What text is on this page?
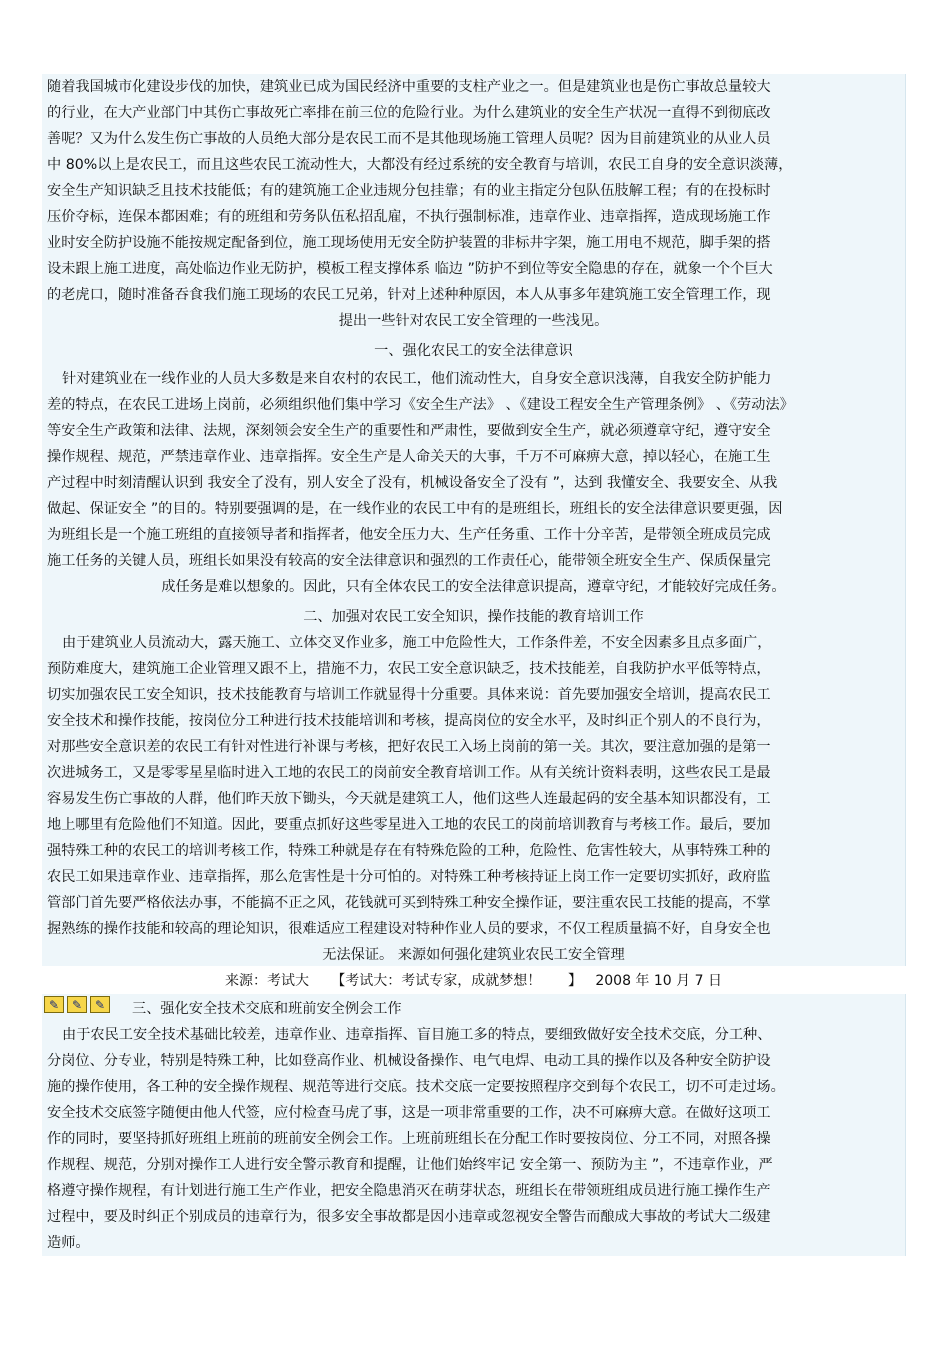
随着我国城市化建设步伐的加快，建筑业已成为国民经济中重要的支柱产业之一。但是建筑业也是伤亡事故总量较大
的行业，在大产业部门中其伤亡事故死亡率排在前三位的危险行业。为什么建筑业的安全生产状况一直得不到彻底改
善呢？又为什么发生伤亡事故的人员绝大部分是农民工而不是其他现场施工管理人员呢？因为目前建筑业的从业人员
中 80%以上是农民工，而且这些农民工流动性大，大都没有经过系统的安全教育与培训，农民工自身的安全意识淡薄，
安全生产知识缺乏且技术技能低；有的建筑施工企业违规分包挂靠；有的业主指定分包队伍肢解工程；有的在投标时
压价夺标，连保本都困难；有的班组和劳务队伍私招乱雇，不执行强制标准，违章作业、违章指挥，造成现场施工作
业时安全防护设施不能按规定配备到位，施工现场使用无安全防护装置的非标井字架，施工用电不规范，脚手架的搭
设未跟上施工进度，高处临边作业无防护，模板工程支撑体系 临边 ”防护不到位等安全隐患的存在，就象一个个巨大
的老虎口，随时准备吞食我们施工现场的农民工兄弟，针对上述种种原因，本人从事多年建筑施工安全管理工作，现
提出一些针对农民工安全管理的一些浅见。
一、强化农民工的安全法律意识
针对建筑业在一线作业的人员大多数是来自农村的农民工，他们流动性大，自身安全意识浅薄，自我安全防护能力
差的特点，在农民工进场上岗前，必须组织他们集中学习《安全生产法》 、《建设工程安全生产管理条例》 、《劳动法》
等安全生产政策和法律、法规，深刻领会安全生产的重要性和严肃性，要做到安全生产，就必须遵章守纪，遵守安全
操作规程、规范，严禁违章作业、违章指挥。安全生产是人命关天的大事，千万不可麻痹大意，掉以轻心，在施工生
产过程中时刻清醒认识到 我安全了没有，别人安全了没有，机械设备安全了没有 ”，达到 我懂安全、我要安全、从我
做起、保证安全 ”的目的。特别要强调的是，在一线作业的农民工中有的是班组长，班组长的安全法律意识要更强，因
为班组长是一个施工班组的直接领导者和指挥者，他安全压力大、生产任务重、工作十分辛苦，是带领全班成员完成
施工任务的关键人员，班组长如果没有较高的安全法律意识和强烈的工作责任心，能带领全班安全生产、保质保量完
成任务是难以想象的。因此，只有全体农民工的安全法律意识提高，遵章守纪，才能较好完成任务。
二、加强对农民工安全知识，操作技能的教育培训工作
由于建筑业人员流动大，露天施工、立体交叉作业多，施工中危险性大，工作条件差，不安全因素多且点多面广，
预防难度大，建筑施工企业管理又跟不上，措施不力，农民工安全意识缺乏，技术技能差，自我防护水平低等特点，
切实加强农民工安全知识，技术技能教育与培训工作就显得十分重要。具体来说：首先要加强安全培训，提高农民工
安全技术和操作技能，按岗位分工种进行技术技能培训和考核，提高岗位的安全水平，及时纠正个别人的不良行为，
对那些安全意识差的农民工有针对性进行补课与考核，把好农民工入场上岗前的第一关。其次，要注意加强的是第一
次进城务工，又是零零星星临时进入工地的农民工的岗前安全教育培训工作。从有关统计资料表明，这些农民工是最
容易发生伤亡事故的人群，他们昨天放下锄头，今天就是建筑工人，他们这些人连最起码的安全基本知识都没有，工
地上哪里有危险他们不知道。因此，要重点抓好这些零星进入工地的农民工的岗前培训教育与考核工作。最后，要加
强特殊工种的农民工的培训考核工作，特殊工种就是存在有特殊危险的工种，危险性、危害性较大，从事特殊工种的
农民工如果违章作业、违章指挥，那么危害性是十分可怕的。对特殊工种考核持证上岗工作一定要切实抓好，政府监
管部门首先要严格依法办事，不能搞不正之风，花钱就可买到特殊工种安全操作证，要注重农民工技能的提高，不掌
握熟练的操作技能和较高的理论知识，很难适应工程建设对特种作业人员的要求，不仅工程质量搞不好，自身安全也
无法保证。 来源如何强化建筑业农民工安全管理
来源：考试大     【考试大：考试专家，成就梦想！      】   2008 年 10 月 7 日
✎	✎	✎	三、强化安全技术交底和班前安全例会工作
由于农民工安全技术基础比较差，违章作业、违章指挥、盲目施工多的特点，要细致做好安全技术交底，分工种、
分岗位、分专业，特别是特殊工种，比如登高作业、机械设备操作、电气电焊、电动工具的操作以及各种安全防护设
施的操作使用，各工种的安全操作规程、规范等进行交底。技术交底一定要按照程序交到每个农民工，切不可走过场。
安全技术交底签字随便由他人代签，应付检查马虎了事，这是一项非常重要的工作，决不可麻痹大意。在做好这项工
作的同时，要坚持抓好班组上班前的班前安全例会工作。上班前班组长在分配工作时要按岗位、分工不同，对照各操
作规程、规范，分别对操作工人进行安全警示教育和提醒，让他们始终牢记 安全第一、预防为主 ”，不违章作业，严
格遵守操作规程，有计划进行施工生产作业，把安全隐患消灭在萌芽状态，班组长在带领班组成员进行施工操作生产
过程中，要及时纠正个别成员的违章行为，很多安全事故都是因小违章或忽视安全警告而酿成大事故的考试大二级建
造师。
